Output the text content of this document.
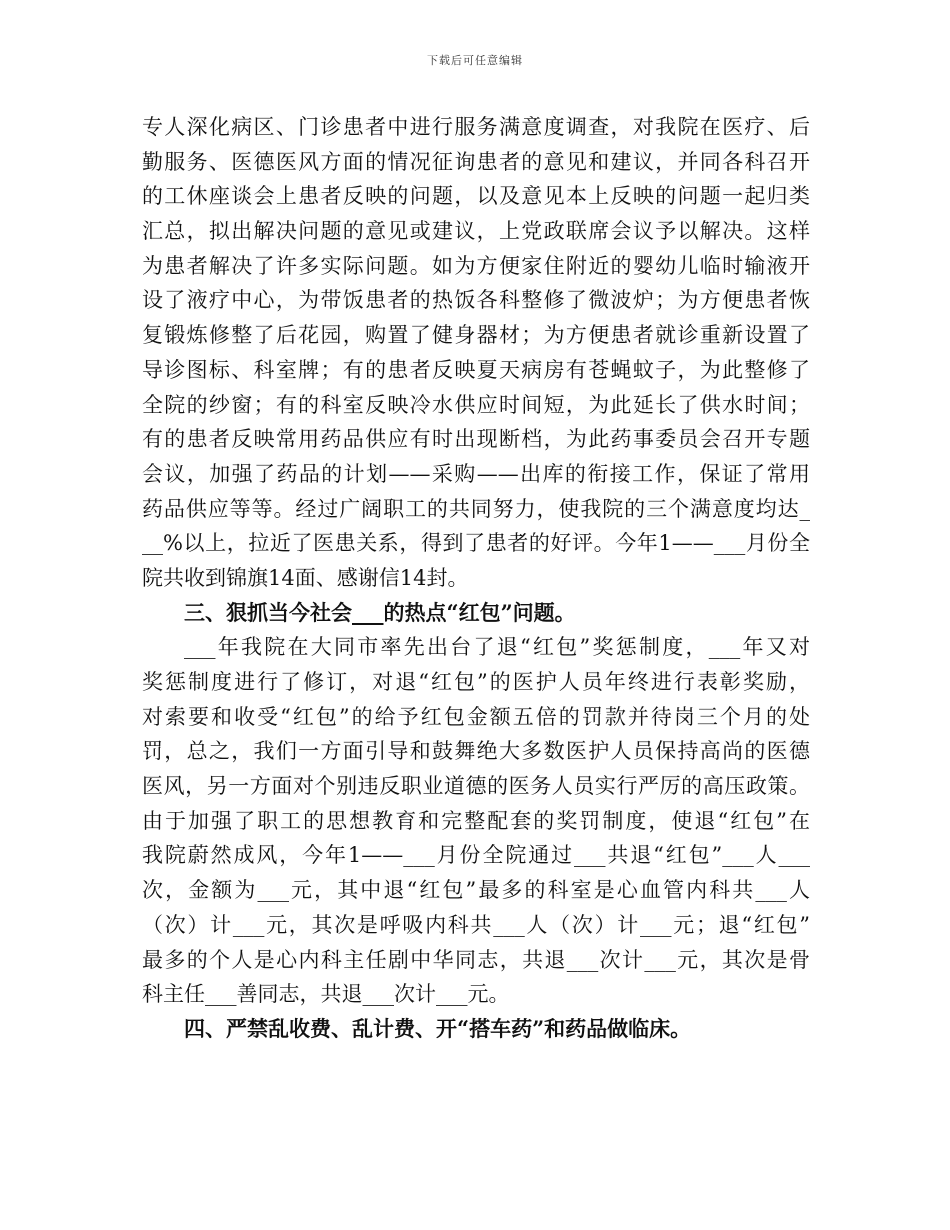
下载后可任意编辑
专人深化病区、门诊患者中进行服务满意度调查，对我院在医疗、后
勤服务、医德医风方面的情况征询患者的意见和建议，并同各科召开
的工休座谈会上患者反映的问题，以及意见本上反映的问题一起归类
汇总，拟出解决问题的意见或建议，上党政联席会议予以解决。这样
为患者解决了许多实际问题。如为方便家住附近的婴幼儿临时输液开
设了液疗中心，为带饭患者的热饭各科整修了微波炉；为方便患者恢
复锻炼修整了后花园，购置了健身器材；为方便患者就诊重新设置了
导诊图标、科室牌；有的患者反映夏天病房有苍蝇蚊子，为此整修了
全院的纱窗；有的科室反映冷水供应时间短，为此延长了供水时间；
有的患者反映常用药品供应有时出现断档，为此药事委员会召开专题
会议，加强了药品的计划——采购——出库的衔接工作，保证了常用
药品供应等等。经过广阔职工的共同努力，使我院的三个满意度均达_
__%以上，拉近了医患关系，得到了患者的好评。今年1——___月份全
院共收到锦旗14面、感谢信14封。
三、狠抓当今社会___的热点“红包”问题。
___年我院在大同市率先出台了退“红包”奖惩制度，___年又对
奖惩制度进行了修订，对退“红包”的医护人员年终进行表彰奖励，
对索要和收受“红包”的给予红包金额五倍的罚款并待岗三个月的处
罚，总之，我们一方面引导和鼓舞绝大多数医护人员保持高尚的医德
医风，另一方面对个别违反职业道德的医务人员实行严厉的高压政策。
由于加强了职工的思想教育和完整配套的奖罚制度，使退“红包”在
我院蔚然成风，今年1——___月份全院通过___共退“红包”___人___
次，金额为___元，其中退“红包”最多的科室是心血管内科共___人
（次）计___元，其次是呼吸内科共___人（次）计___元；退“红包”
最多的个人是心内科主任剧中华同志，共退___次计___元，其次是骨
科主任___善同志，共退___次计___元。
四、严禁乱收费、乱计费、开“搭车药”和药品做临床。
